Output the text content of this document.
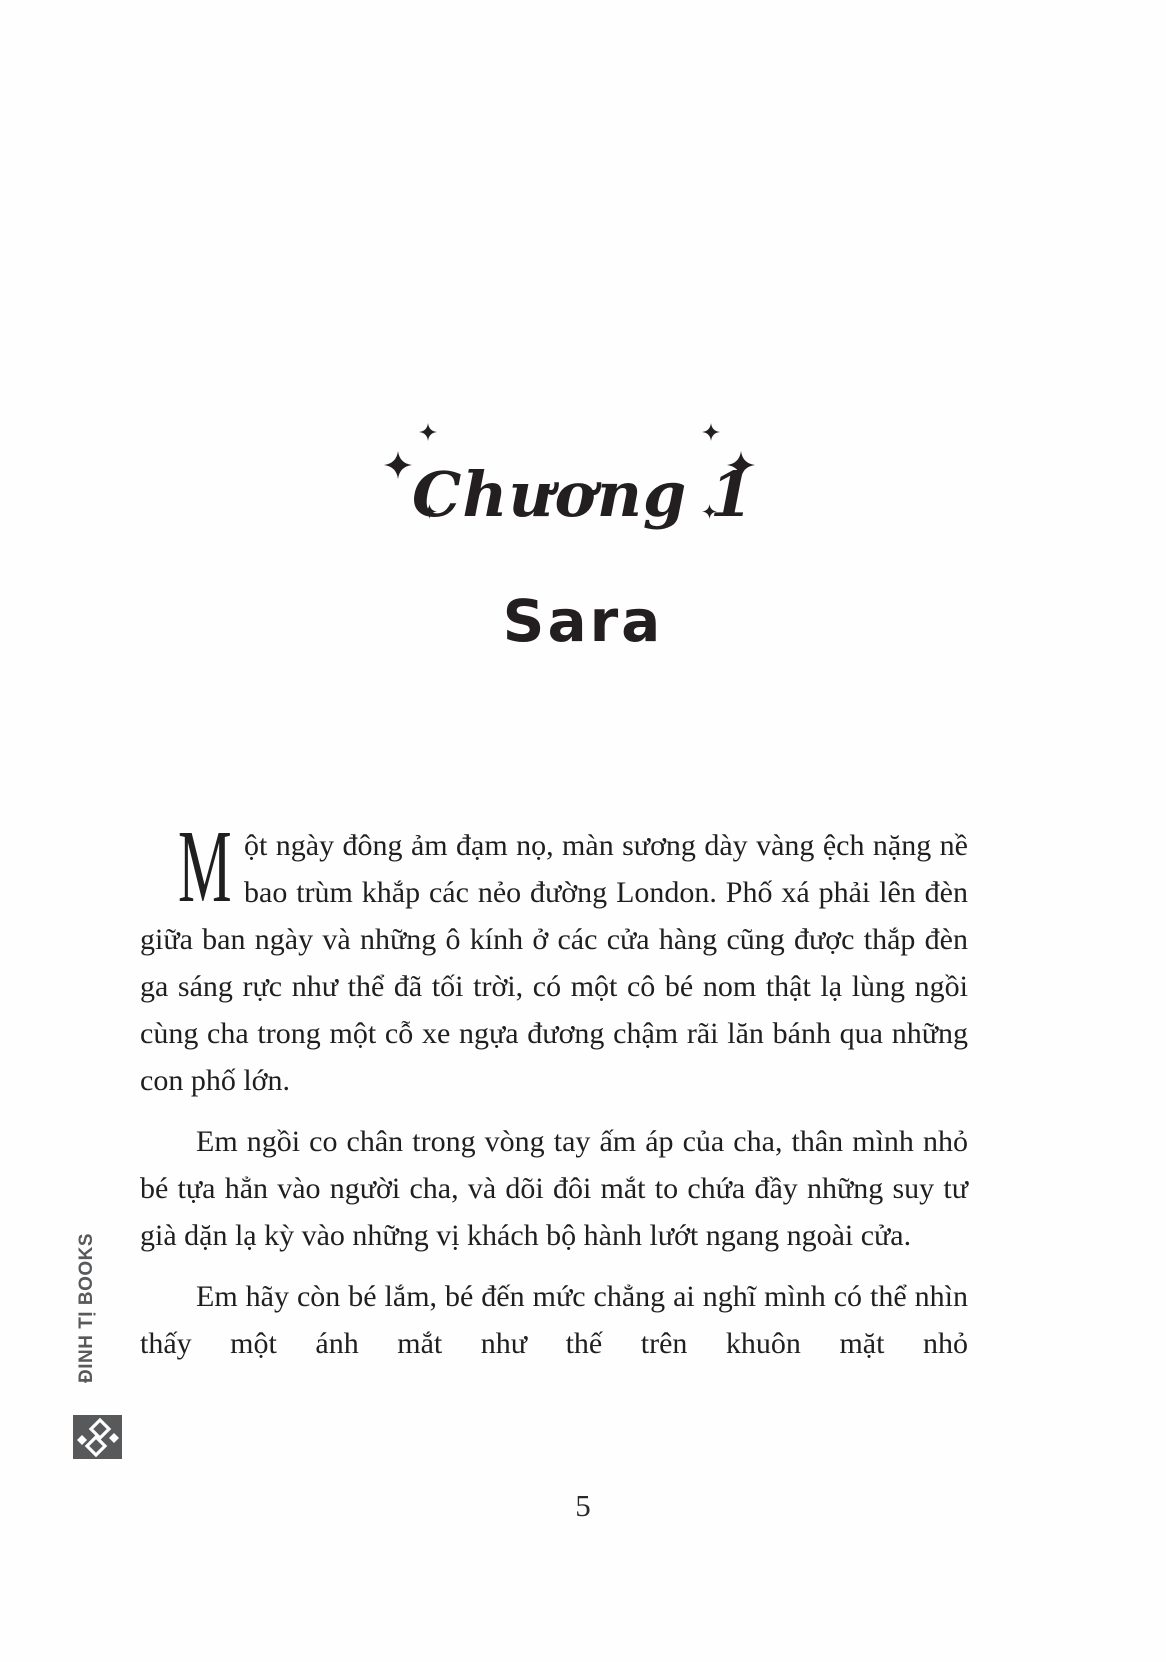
Chương 1
Sara

Một ngày đông ảm đạm nọ, màn sương dày vàng ệch nặng nề bao trùm khắp các nẻo đường London. Phố xá phải lên đèn giữa ban ngày và những ô kính ở các cửa hàng cũng được thắp đèn ga sáng rực như thể đã tối trời, có một cô bé nom thật lạ lùng ngồi cùng cha trong một cỗ xe ngựa đương chậm rãi lăn bánh qua những con phố lớn.

Em ngồi co chân trong vòng tay ấm áp của cha, thân mình nhỏ bé tựa hẳn vào người cha, và dõi đôi mắt to chứa đầy những suy tư già dặn lạ kỳ vào những vị khách bộ hành lướt ngang ngoài cửa.

Em hãy còn bé lắm, bé đến mức chẳng ai nghĩ mình có thể nhìn thấy một ánh mắt như thế trên khuôn mặt nhỏ

ĐINH TỊ BOOKS
5
